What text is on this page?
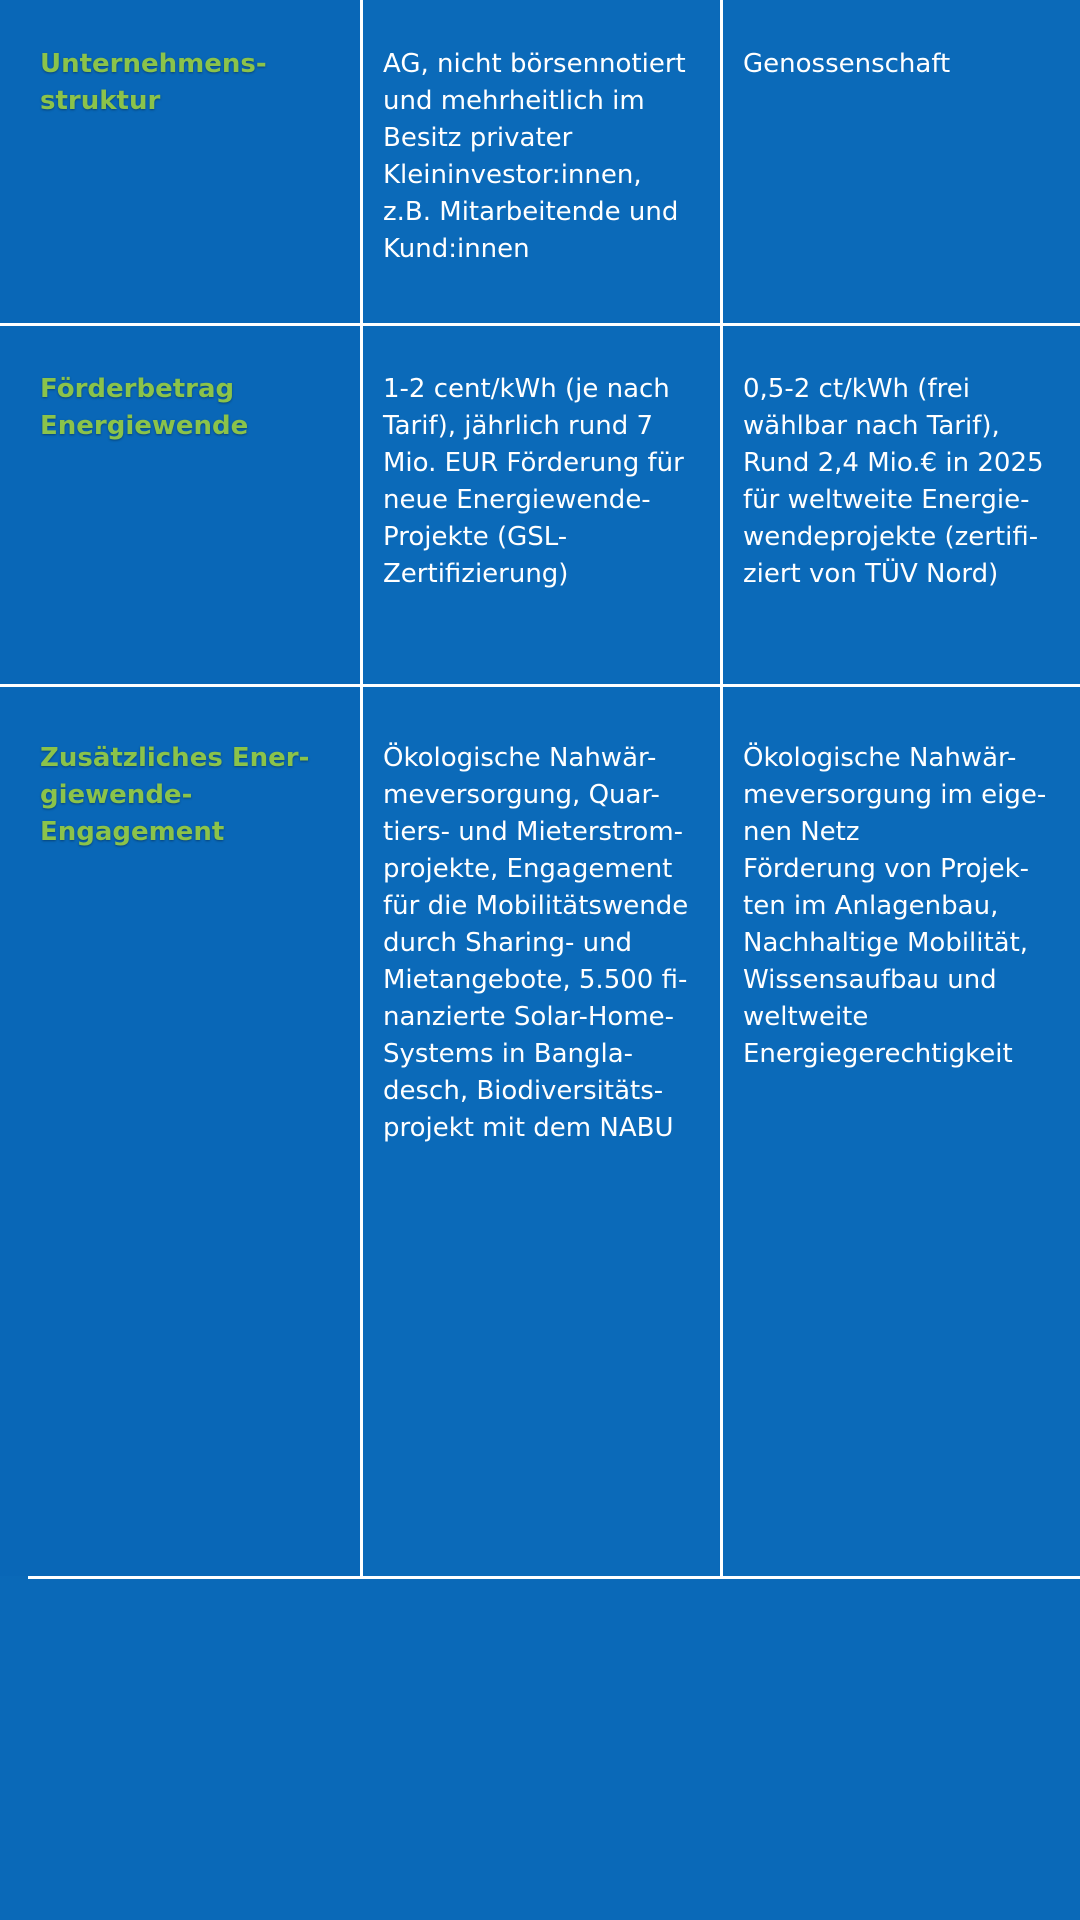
Unternehmens-
struktur
AG, nicht börsennotiert
und mehrheitlich im
Besitz privater
Kleininvestor:innen,
z.B. Mitarbeitende und
Kund:innen
Genossenschaft
Förderbetrag
Energiewende
1-2 cent/kWh (je nach
Tarif), jährlich rund 7
Mio. EUR Förderung für
neue Energiewende-
Projekte (GSL-
Zertifizierung)
0,5-2 ct/kWh (frei
wählbar nach Tarif),
Rund 2,4 Mio.€ in 2025
für weltweite Energie-
wendeprojekte (zertifi-
ziert von TÜV Nord)
Zusätzliches Ener-
giewende-
Engagement
Ökologische Nahwär-
meversorgung, Quar-
tiers- und Mieterstrom-
projekte, Engagement
für die Mobilitätswende
durch Sharing- und
Mietangebote, 5.500 fi-
nanzierte Solar-Home-
Systems in Bangla-
desch, Biodiversitäts-
projekt mit dem NABU
Ökologische Nahwär-
meversorgung im eige-
nen Netz
Förderung von Projek-
ten im Anlagenbau,
Nachhaltige Mobilität,
Wissensaufbau und
weltweite
Energiegerechtigkeit
